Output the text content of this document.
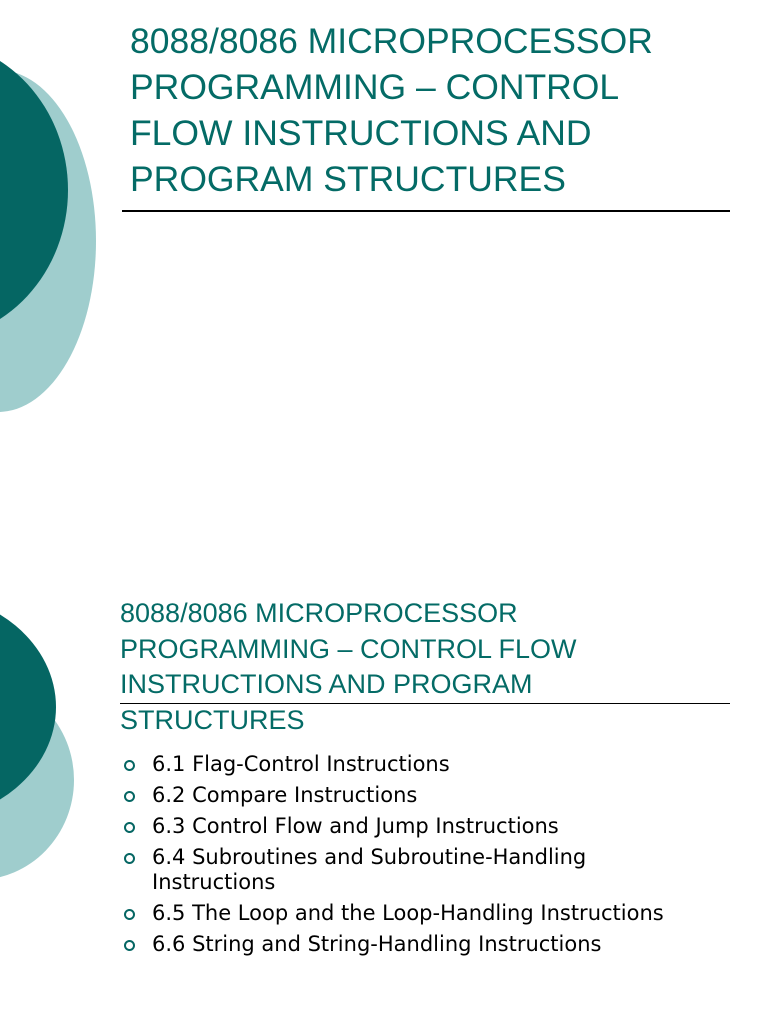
8088/8086 MICROPROCESSOR PROGRAMMING – CONTROL FLOW INSTRUCTIONS AND PROGRAM STRUCTURES
8088/8086 MICROPROCESSOR PROGRAMMING – CONTROL FLOW INSTRUCTIONS AND PROGRAM STRUCTURES
6.1 Flag-Control Instructions
6.2 Compare Instructions
6.3 Control Flow and Jump Instructions
6.4 Subroutines and Subroutine-Handling Instructions
6.5 The Loop and the Loop-Handling Instructions
6.6 String and String-Handling Instructions
